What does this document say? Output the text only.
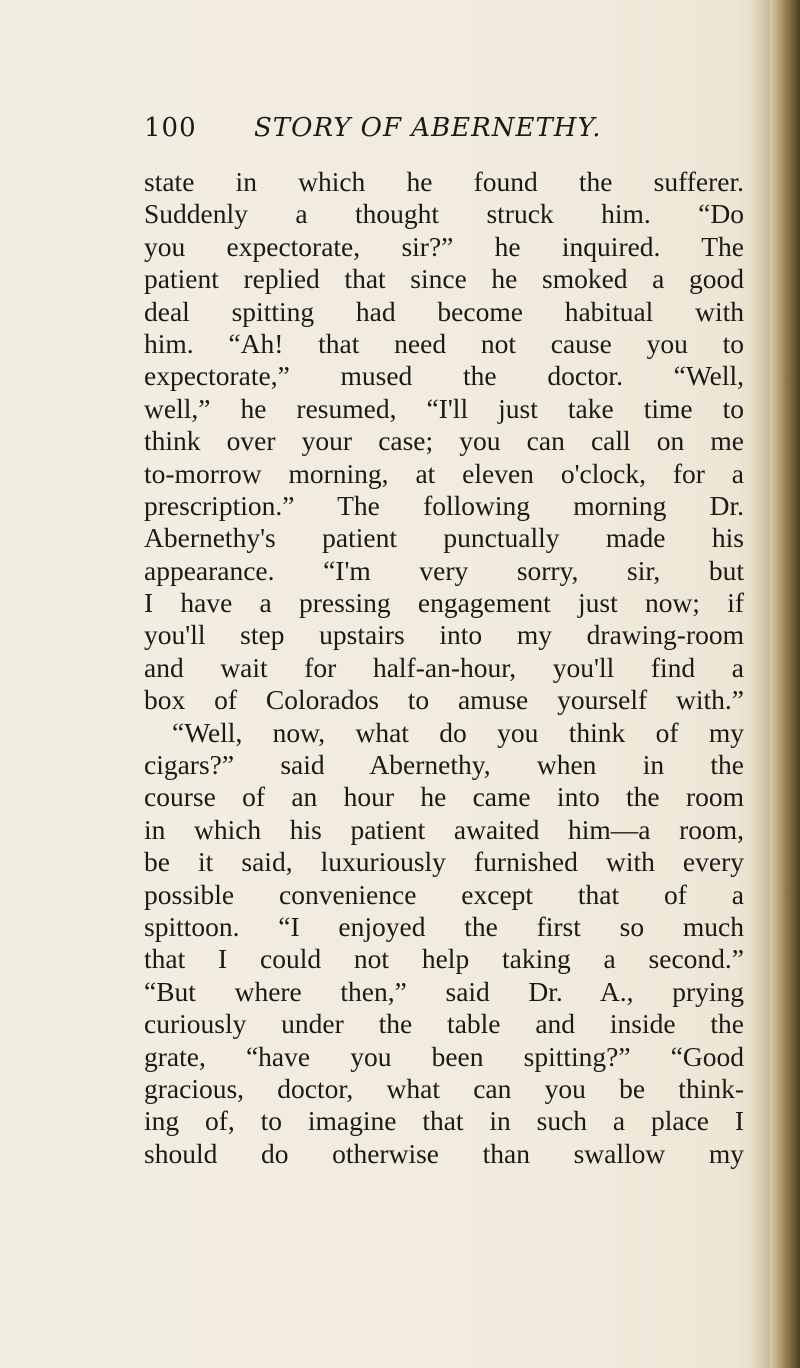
100 STORY OF ABERNETHY.
state in which he found the sufferer.
Suddenly a thought struck him. “Do
you expectorate, sir?” he inquired. The
patient replied that since he smoked a good
deal spitting had become habitual with
him. “Ah! that need not cause you to
expectorate,” mused the doctor. “Well,
well,” he resumed, “I'll just take time to
think over your case; you can call on me
to-morrow morning, at eleven o'clock, for a
prescription.” The following morning Dr.
Abernethy's patient punctually made his
appearance. “I'm very sorry, sir, but
I have a pressing engagement just now; if
you'll step upstairs into my drawing-room
and wait for half-an-hour, you'll find a
box of Colorados to amuse yourself with.”
“Well, now, what do you think of my
cigars?” said Abernethy, when in the
course of an hour he came into the room
in which his patient awaited him—a room,
be it said, luxuriously furnished with every
possible convenience except that of a
spittoon. “I enjoyed the first so much
that I could not help taking a second.”
“But where then,” said Dr. A., prying
curiously under the table and inside the
grate, “have you been spitting?” “Good
gracious, doctor, what can you be think-
ing of, to imagine that in such a place I
should do otherwise than swallow my
